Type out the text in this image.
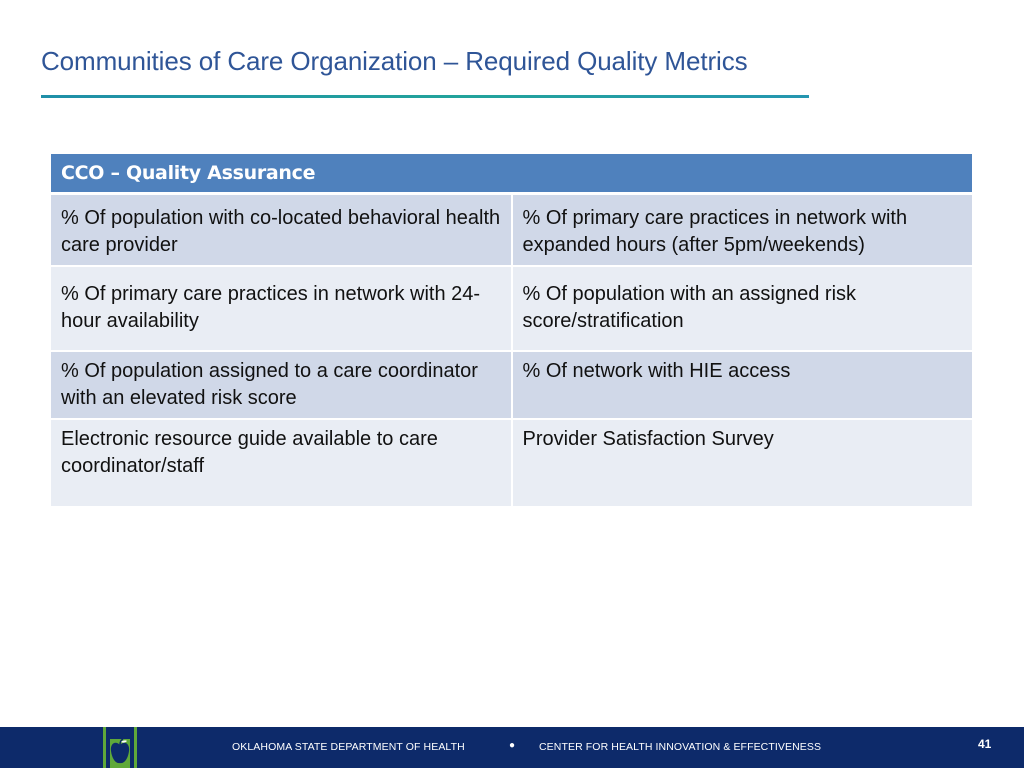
Communities of Care Organization – Required Quality Metrics
CCO – Quality Assurance	
% Of population with co-located behavioral health care provider	% Of primary care practices in network with expanded hours (after 5pm/weekends)
% Of primary care practices in network with 24-hour availability	% Of population with an assigned risk score/stratification
% Of population assigned to a care coordinator with an elevated risk score	% Of network with HIE access
Electronic resource guide available to care coordinator/staff	Provider Satisfaction Survey
OKLAHOMA STATE DEPARTMENT OF HEALTH	● CENTER FOR HEALTH INNOVATION & EFFECTIVENESS	41
